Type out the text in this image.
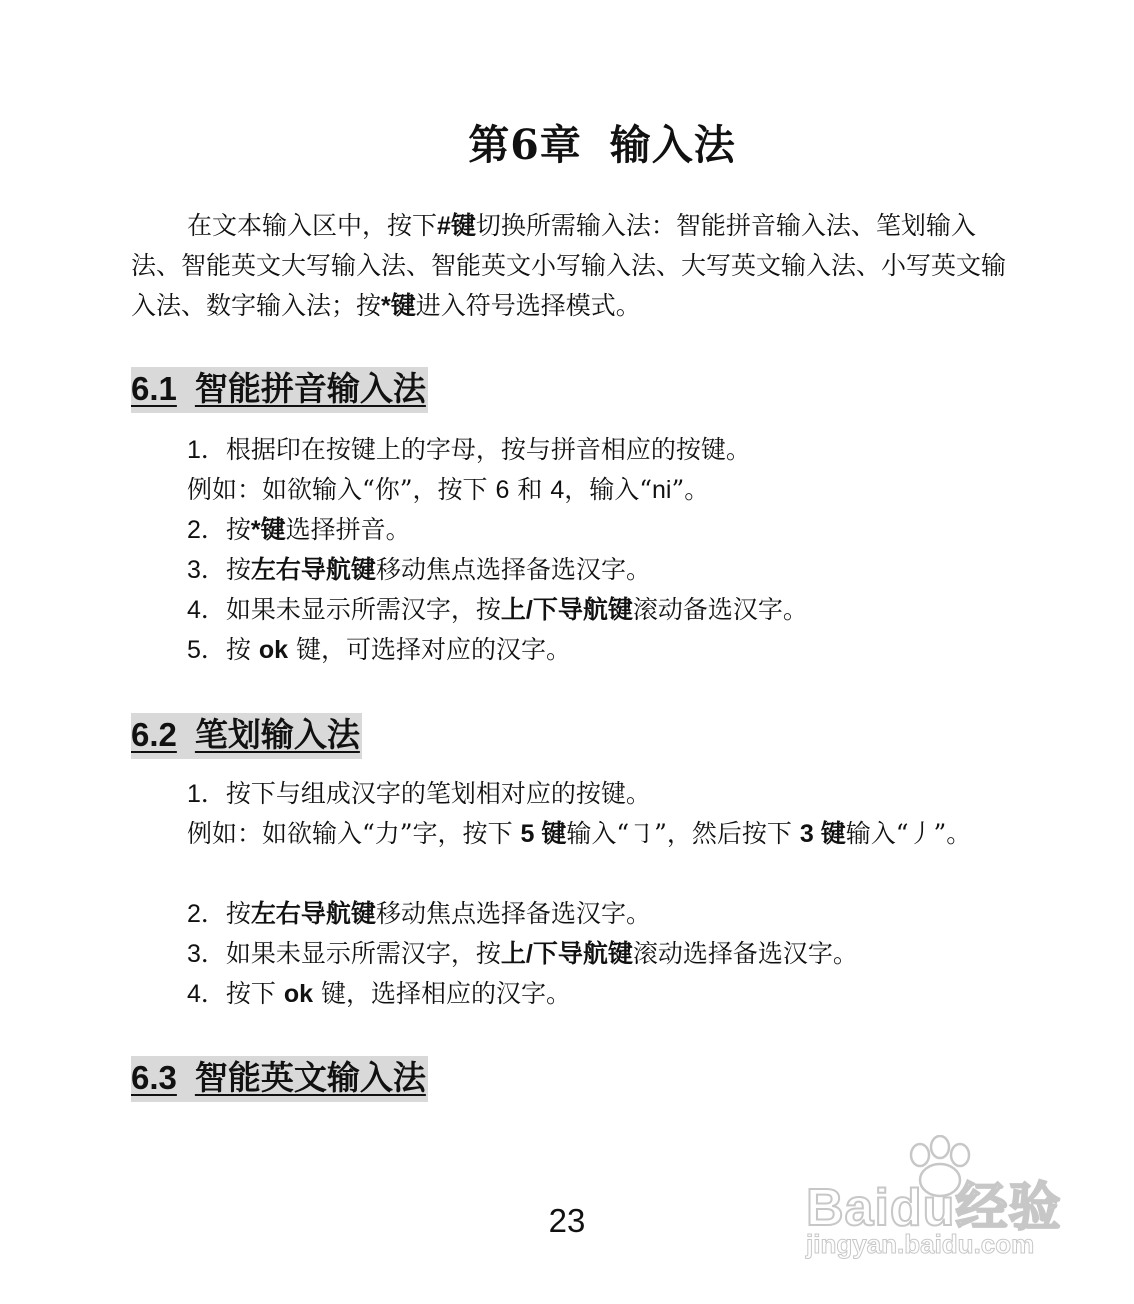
第6章 输入法

在文本输入区中，按下#键切换所需输入法：智能拼音输入法、笔划输入法、智能英文大写输入法、智能英文小写输入法、大写英文输入法、小写英文输入法、数字输入法；按*键进入符号选择模式。

6.1 智能拼音输入法

1．根据印在按键上的字母，按与拼音相应的按键。

例如：如欲输入“你”，按下 6 和 4，输入“ni”。

2．按*键选择拼音。

3．按左右导航键移动焦点选择备选汉字。

4．如果未显示所需汉字，按上/下导航键滚动备选汉字。

5．按 ok 键，可选择对应的汉字。

6.2 笔划输入法

1．按下与组成汉字的笔划相对应的按键。

例如：如欲输入“力”字，按下 5 键输入“㇆”，然后按下 3 键输入“丿”。

2．按左右导航键移动焦点选择备选汉字。

3．如果未显示所需汉字，按上/下导航键滚动选择备选汉字。

4．按下 ok 键，选择相应的汉字。

6.3 智能英文输入法
23	Baidu经验
jingyan.baidu.com
